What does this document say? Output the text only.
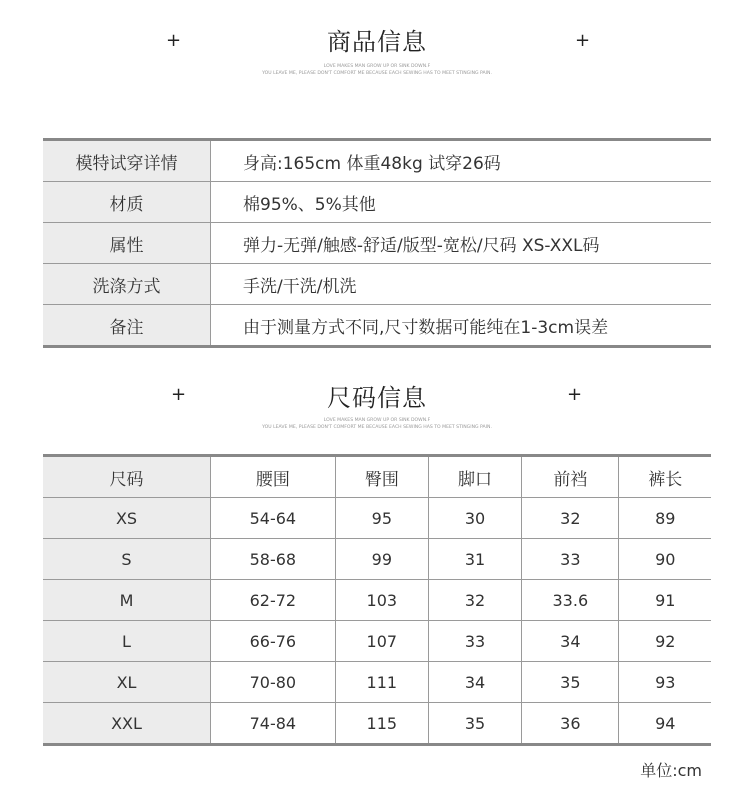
+	商品信息	+
LOVE MAKES MAN GROW UP OR SINK DOWN.F
YOU LEAVE ME, PLEASE DON'T COMFORT ME BECAUSE EACH SEWING HAS TO MEET STINGING PAIN.
模特试穿详情	身高:165cm 体重48kg 试穿26码
材质	棉95%、5%其他
属性	弹力-无弹/触感-舒适/版型-宽松/尺码 XS-XXL码
洗涤方式	手洗/干洗/机洗
备注	由于测量方式不同,尺寸数据可能纯在1-3cm误差
+	尺码信息	+
LOVE MAKES MAN GROW UP OR SINK DOWN.F
YOU LEAVE ME, PLEASE DON'T COMFORT ME BECAUSE EACH SEWING HAS TO MEET STINGING PAIN.
尺码	腰围	臀围	脚口	前裆	裤长
XS	54-64	95	30	32	89
S	58-68	99	31	33	90
M	62-72	103	32	33.6	91
L	66-76	107	33	34	92
XL	70-80	111	34	35	93
XXL	74-84	115	35	36	94
单位:cm
